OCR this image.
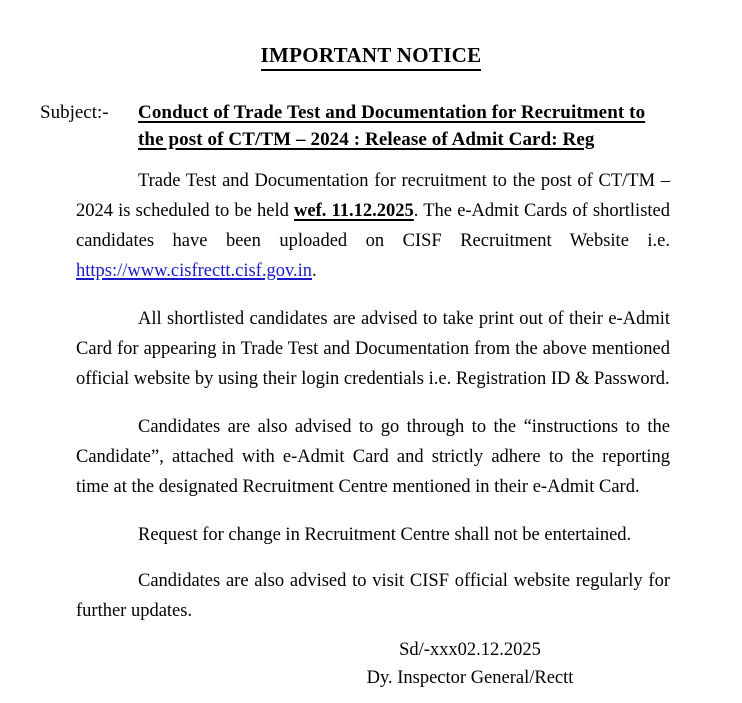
IMPORTANT NOTICE
Subject:- Conduct of Trade Test and Documentation for Recruitment to
the post of CT/TM – 2024 : Release of Admit Card: Reg

Trade Test and Documentation for recruitment to the post of CT/TM – 2024 is scheduled to be held wef. 11.12.2025. The e-Admit Cards of shortlisted candidates have been uploaded on CISF Recruitment Website i.e. https://www.cisfrectt.cisf.gov.in.

All shortlisted candidates are advised to take print out of their e-Admit Card for appearing in Trade Test and Documentation from the above mentioned official website by using their login credentials i.e. Registration ID & Password.

Candidates are also advised to go through to the “instructions to the Candidate”, attached with e-Admit Card and strictly adhere to the reporting time at the designated Recruitment Centre mentioned in their e-Admit Card.

Request for change in Recruitment Centre shall not be entertained.

Candidates are also advised to visit CISF official website regularly for further updates.

Sd/-xxx02.12.2025
Dy. Inspector General/Rectt
